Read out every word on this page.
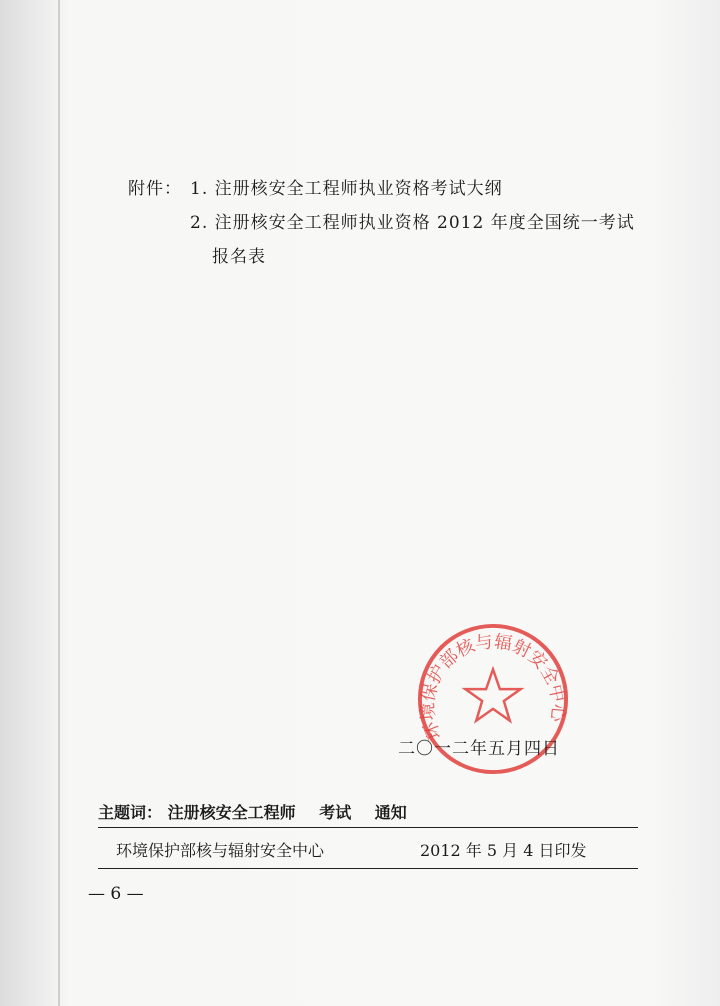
附件： 1. 注册核安全工程师执业资格考试大纲
2. 注册核安全工程师执业资格 2012 年度全国统一考试
报名表
环境保护部核与辐射安全中心
二〇一二年五月四日
主题词： 注册核安全工程师 考试 通知
环境保护部核与辐射安全中心	2012 年 5 月 4 日印发
— 6 —
